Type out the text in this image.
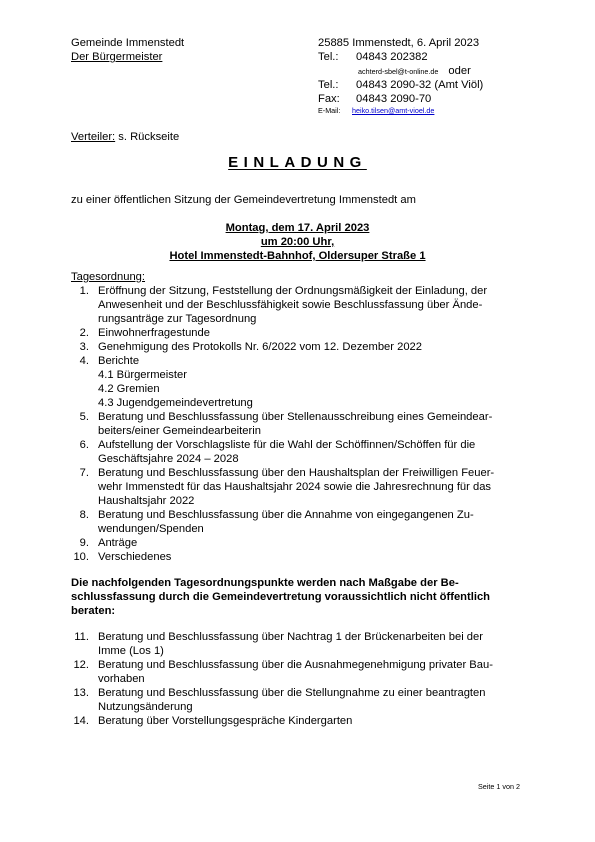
Gemeinde Immenstedt
Der Bürgermeister
25885 Immenstedt, 6. April 2023
Tel.:	04843 202382
achterd-sbel@t-online.de oder
Tel.:	04843 2090-32 (Amt Viöl)
Fax:	04843 2090-70
E-Mail:	heiko.tilsen@amt-vioel.de
Verteiler: s. Rückseite
EINLADUNG
zu einer öffentlichen Sitzung der Gemeindevertretung Immenstedt am
Montag, dem 17. April 2023
um 20:00 Uhr,
Hotel Immenstedt-Bahnhof, Oldersuper Straße 1
Tagesordnung:
1. Eröffnung der Sitzung, Feststellung der Ordnungsmäßigkeit der Einladung, der
Anwesenheit und der Beschlussfähigkeit sowie Beschlussfassung über Ände-
rungsanträge zur Tagesordnung
2. Einwohnerfragestunde
3. Genehmigung des Protokolls Nr. 6/2022 vom 12. Dezember 2022
4. Berichte
4.1 Bürgermeister
4.2 Gremien
4.3 Jugendgemeindevertretung
5. Beratung und Beschlussfassung über Stellenausschreibung eines Gemeindear-
beiters/einer Gemeindearbeiterin
6. Aufstellung der Vorschlagsliste für die Wahl der Schöffinnen/Schöffen für die
Geschäftsjahre 2024 – 2028
7. Beratung und Beschlussfassung über den Haushaltsplan der Freiwilligen Feuer-
wehr Immenstedt für das Haushaltsjahr 2024 sowie die Jahresrechnung für das
Haushaltsjahr 2022
8. Beratung und Beschlussfassung über die Annahme von eingegangenen Zu-
wendungen/Spenden
9. Anträge
10. Verschiedenes
Die nachfolgenden Tagesordnungspunkte werden nach Maßgabe der Be-schlussfassung durch die Gemeindevertretung voraussichtlich nicht öffentlich beraten:
11. Beratung und Beschlussfassung über Nachtrag 1 der Brückenarbeiten bei der
Imme (Los 1)
12. Beratung und Beschlussfassung über die Ausnahmegenehmigung privater Bau-
vorhaben
13. Beratung und Beschlussfassung über die Stellungnahme zu einer beantragten
Nutzungsänderung
14. Beratung über Vorstellungsgespräche Kindergarten
Seite 1 von 2
